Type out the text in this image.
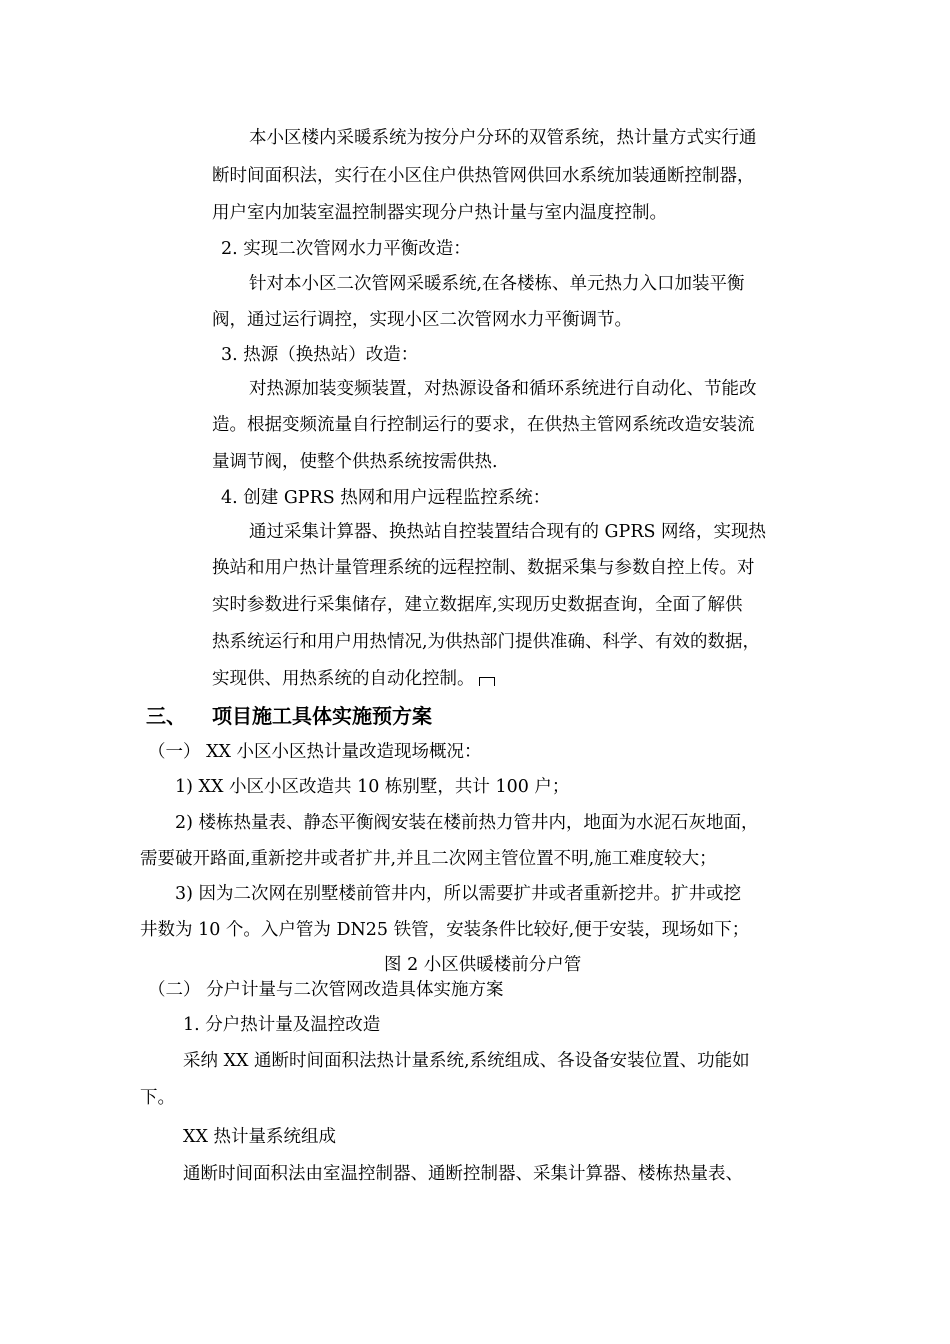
本小区楼内采暖系统为按分户分环的双管系统，热计量方式实行通
断时间面积法，实行在小区住户供热管网供回水系统加装通断控制器，
用户室内加装室温控制器实现分户热计量与室内温度控制。
2. 实现二次管网水力平衡改造：
针对本小区二次管网采暖系统,在各楼栋、单元热力入口加装平衡
阀，通过运行调控，实现小区二次管网水力平衡调节。
3. 热源（换热站）改造：
对热源加装变频装置，对热源设备和循环系统进行自动化、节能改
造。根据变频流量自行控制运行的要求，在供热主管网系统改造安装流
量调节阀，使整个供热系统按需供热.
4. 创建 GPRS 热网和用户远程监控系统：
通过采集计算器、换热站自控装置结合现有的 GPRS 网络，实现热
换站和用户热计量管理系统的远程控制、数据采集与参数自控上传。对
实时参数进行采集储存，建立数据库,实现历史数据查询，全面了解供
热系统运行和用户用热情况,为供热部门提供准确、科学、有效的数据，
实现供、用热系统的自动化控制。
三、 项目施工具体实施预方案
（一） XX 小区小区热计量改造现场概况：
1) XX 小区小区改造共 10 栋别墅，共计 100 户；
2) 楼栋热量表、静态平衡阀安装在楼前热力管井内，地面为水泥石灰地面，
需要破开路面,重新挖井或者扩井,并且二次网主管位置不明,施工难度较大；
3) 因为二次网在别墅楼前管井内，所以需要扩井或者重新挖井。扩井或挖
井数为 10 个。入户管为 DN25 铁管，安装条件比较好,便于安装，现场如下；
图 2 小区供暖楼前分户管
（二） 分户计量与二次管网改造具体实施方案
1. 分户热计量及温控改造
采纳 XX 通断时间面积法热计量系统,系统组成、各设备安装位置、功能如
下。
XX 热计量系统组成
通断时间面积法由室温控制器、通断控制器、采集计算器、楼栋热量表、
